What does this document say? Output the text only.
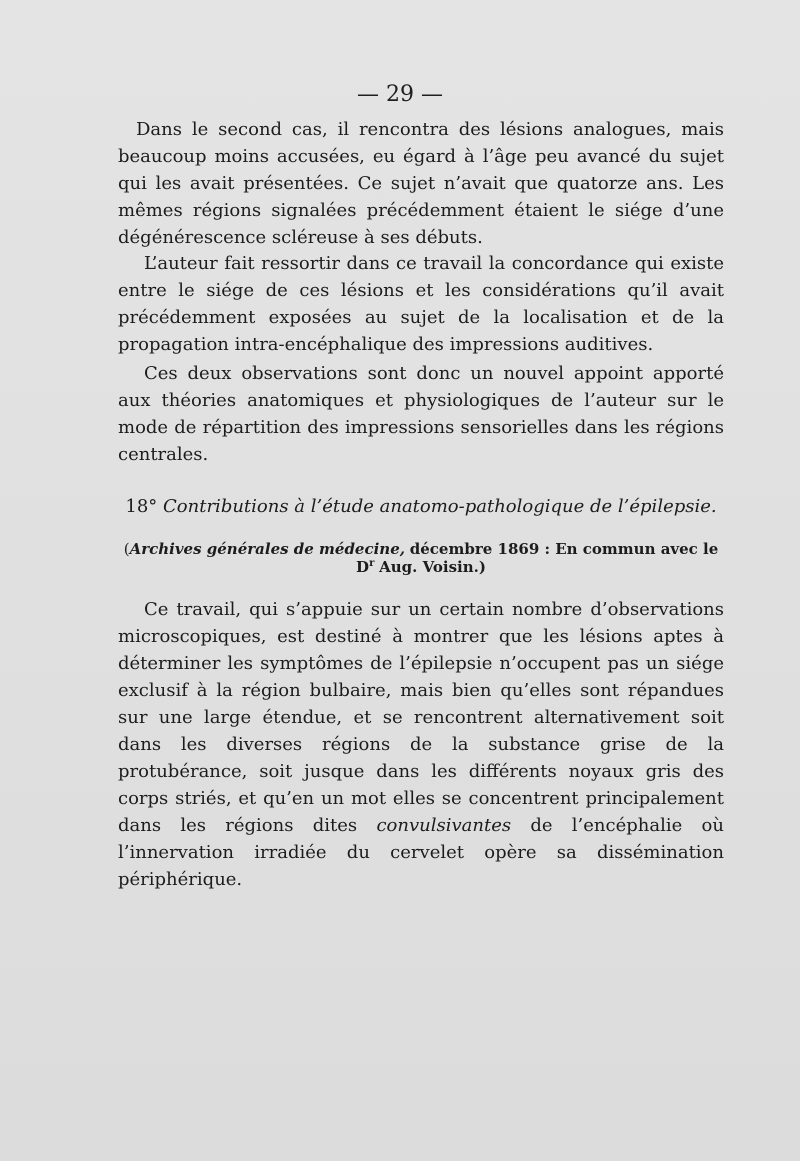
— 29 —
Dans le second cas, il rencontra des lésions analogues, mais beaucoup moins accusées, eu égard à l’âge peu avancé du sujet qui les avait présentées. Ce sujet n’avait que quatorze ans. Les mêmes régions signalées précédemment étaient le siége d’une dégénérescence scléreuse à ses débuts.
L’auteur fait ressortir dans ce travail la concordance qui existe entre le siége de ces lésions et les considérations qu’il avait précédemment exposées au sujet de la localisation et de la propagation intra-encéphalique des impressions auditives.
Ces deux observations sont donc un nouvel appoint apporté aux théories anatomiques et physiologiques de l’auteur sur le mode de répartition des impressions sensorielles dans les régions centrales.
18° Contributions à l’étude anatomo-pathologique de l’épilepsie.
(Archives générales de médecine, décembre 1869 : En commun avec le $D^r$ Aug. Voisin.)
Ce travail, qui s’appuie sur un certain nombre d’observations microscopiques, est destiné à montrer que les lésions aptes à déterminer les symptômes de l’épilepsie n’occupent pas un siége exclusif à la région bulbaire, mais bien qu’elles sont répandues sur une large étendue, et se rencontrent alternativement soit dans les diverses régions de la substance grise de la protubérance, soit jusque dans les différents noyaux gris des corps striés, et qu’en un mot elles se concentrent principalement dans les régions dites convulsivantes de l’encéphalie où l’innervation irradiée du cervelet opère sa dissémination périphérique.
